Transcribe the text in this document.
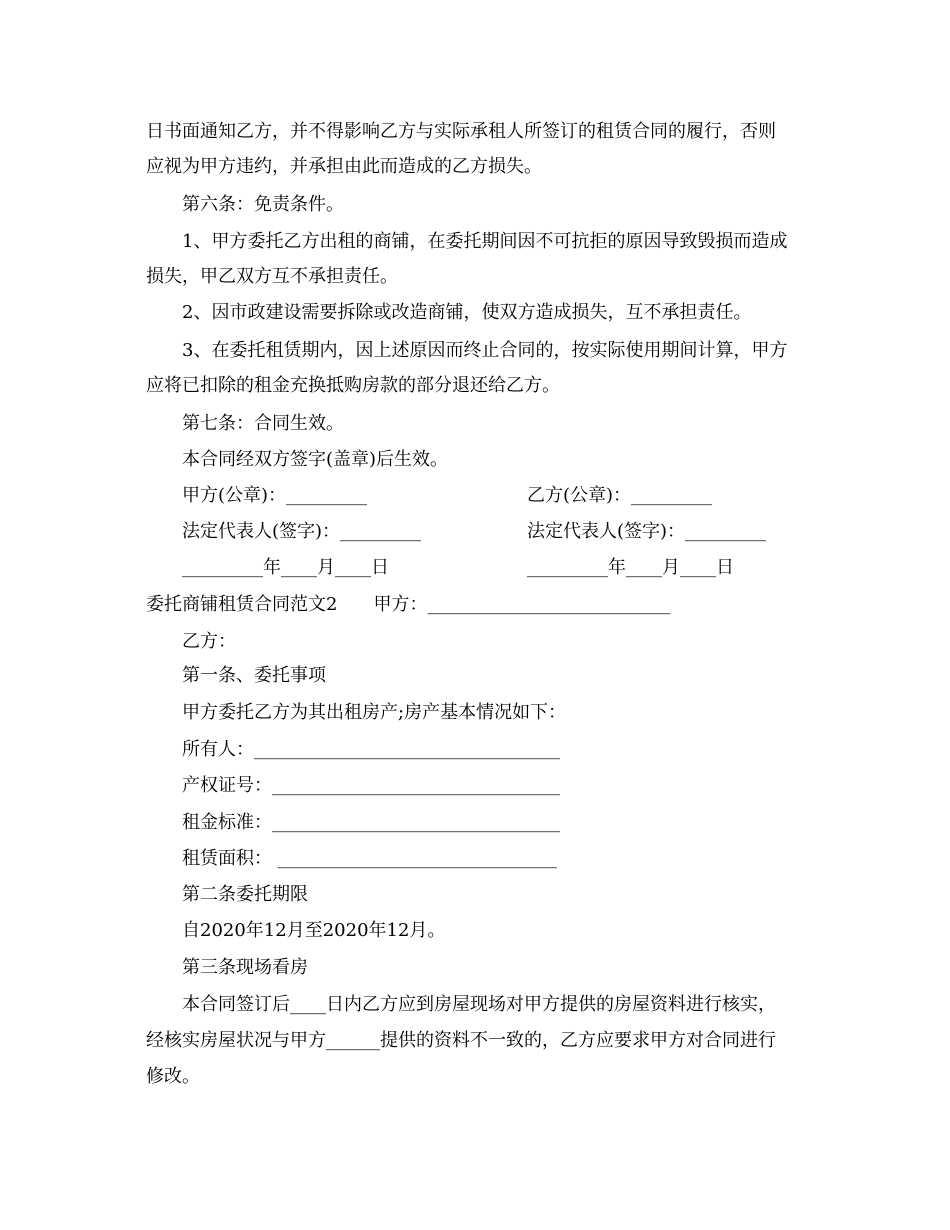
日书面通知乙方，并不得影响乙方与实际承租人所签订的租赁合同的履行，否则
应视为甲方违约，并承担由此而造成的乙方损失。
第六条：免责条件。
1、甲方委托乙方出租的商铺，在委托期间因不可抗拒的原因导致毁损而造成
损失，甲乙双方互不承担责任。
2、因市政建设需要拆除或改造商铺，使双方造成损失，互不承担责任。
3、在委托租赁期内，因上述原因而终止合同的，按实际使用期间计算，甲方
应将已扣除的租金充换抵购房款的部分退还给乙方。
第七条：合同生效。
本合同经双方签字(盖章)后生效。
甲方(公章)：_________	乙方(公章)：_________
法定代表人(签字)：_________	法定代表人(签字)：_________
_________年____月____日	_________年____月____日
委托商铺租赁合同范文2　　甲方：___________________________
乙方：
第一条、委托事项
甲方委托乙方为其出租房产;房产基本情况如下：
所有人：__________________________________
产权证号：________________________________
租金标准：________________________________
租赁面积： _______________________________
第二条委托期限
自2020年12月至2020年12月。
第三条现场看房
本合同签订后____日内乙方应到房屋现场对甲方提供的房屋资料进行核实，
经核实房屋状况与甲方______提供的资料不一致的，乙方应要求甲方对合同进行
修改。
